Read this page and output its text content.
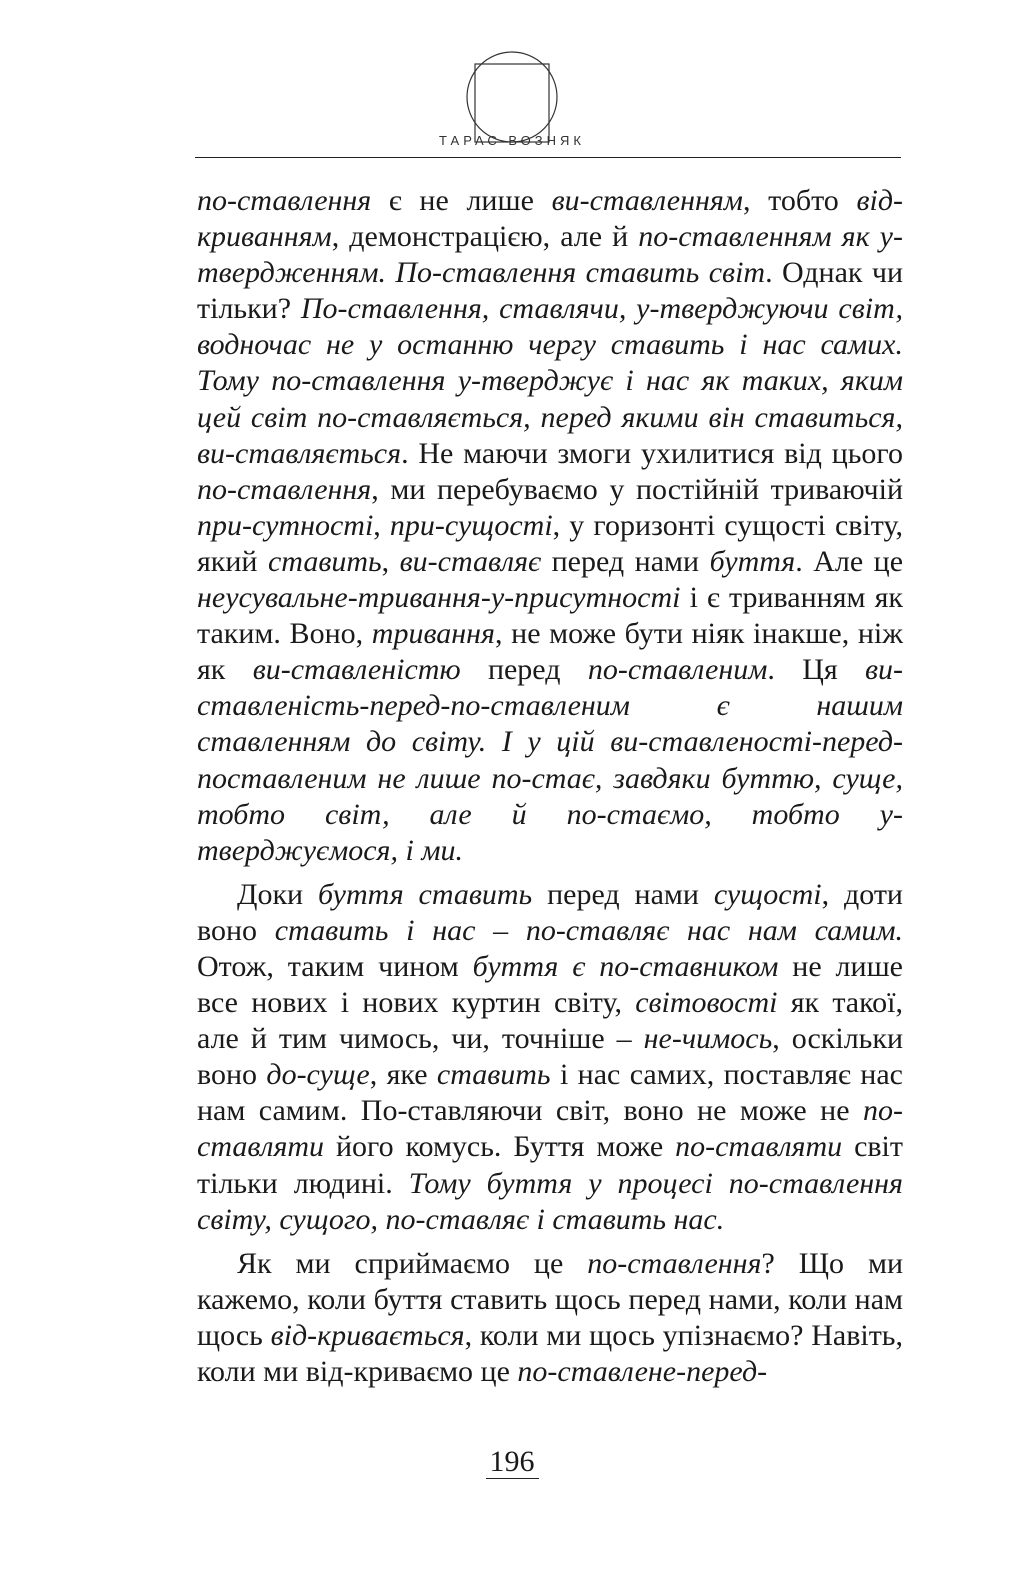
ТАРАС ВОЗНЯК

по-ставлення є не лише ви-ставленням, тобто від-криванням, демонстрацією, але й по-ставленням як у-твердженням. По-ставлення ставить світ. Однак чи тільки? По-ставлення, ставлячи, у-тверджуючи світ, водночас не у останню чергу ставить і нас самих. Тому по-ставлення у-тверджує і нас як таких, яким цей світ по-ставляється, перед якими він ставиться, ви-ставляється. Не маючи змоги ухилитися від цього по-ставлення, ми перебуваємо у постійній триваючій при-сутності, при-сущості, у горизонті сущості світу, який ставить, ви-ставляє перед нами буття. Але це неусувальне-тривання-у-присутності і є триванням як таким. Воно, тривання, не може бути ніяк інакше, ніж як ви-ставленістю перед по-ставленим. Ця ви-ставленість-перед-по-ставленим є нашим ставленням до світу. І у цій ви-ставленості-перед-поставленим не лише по-стає, завдяки буттю, суще, тобто світ, але й по-стаємо, тобто у-тверджуємося, і ми.

Доки буття ставить перед нами сущості, доти воно ставить і нас – по-ставляє нас нам самим. Отож, таким чином буття є по-ставником не лише все нових і нових куртин світу, світовості як такої, але й тим чимось, чи, точніше – не-чимось, оскільки воно до-суще, яке ставить і нас самих, поставляє нас нам самим. По-ставляючи світ, воно не може не по-ставляти його комусь. Буття може по-ставляти світ тільки людині. Тому буття у процесі по-ставлення світу, сущого, по-ставляє і ставить нас.

Як ми сприймаємо це по-ставлення? Що ми кажемо, коли буття ставить щось перед нами, коли нам щось від-кривається, коли ми щось упізнаємо? Навіть, коли ми від-криваємо це по-ставлене-перед-

196
